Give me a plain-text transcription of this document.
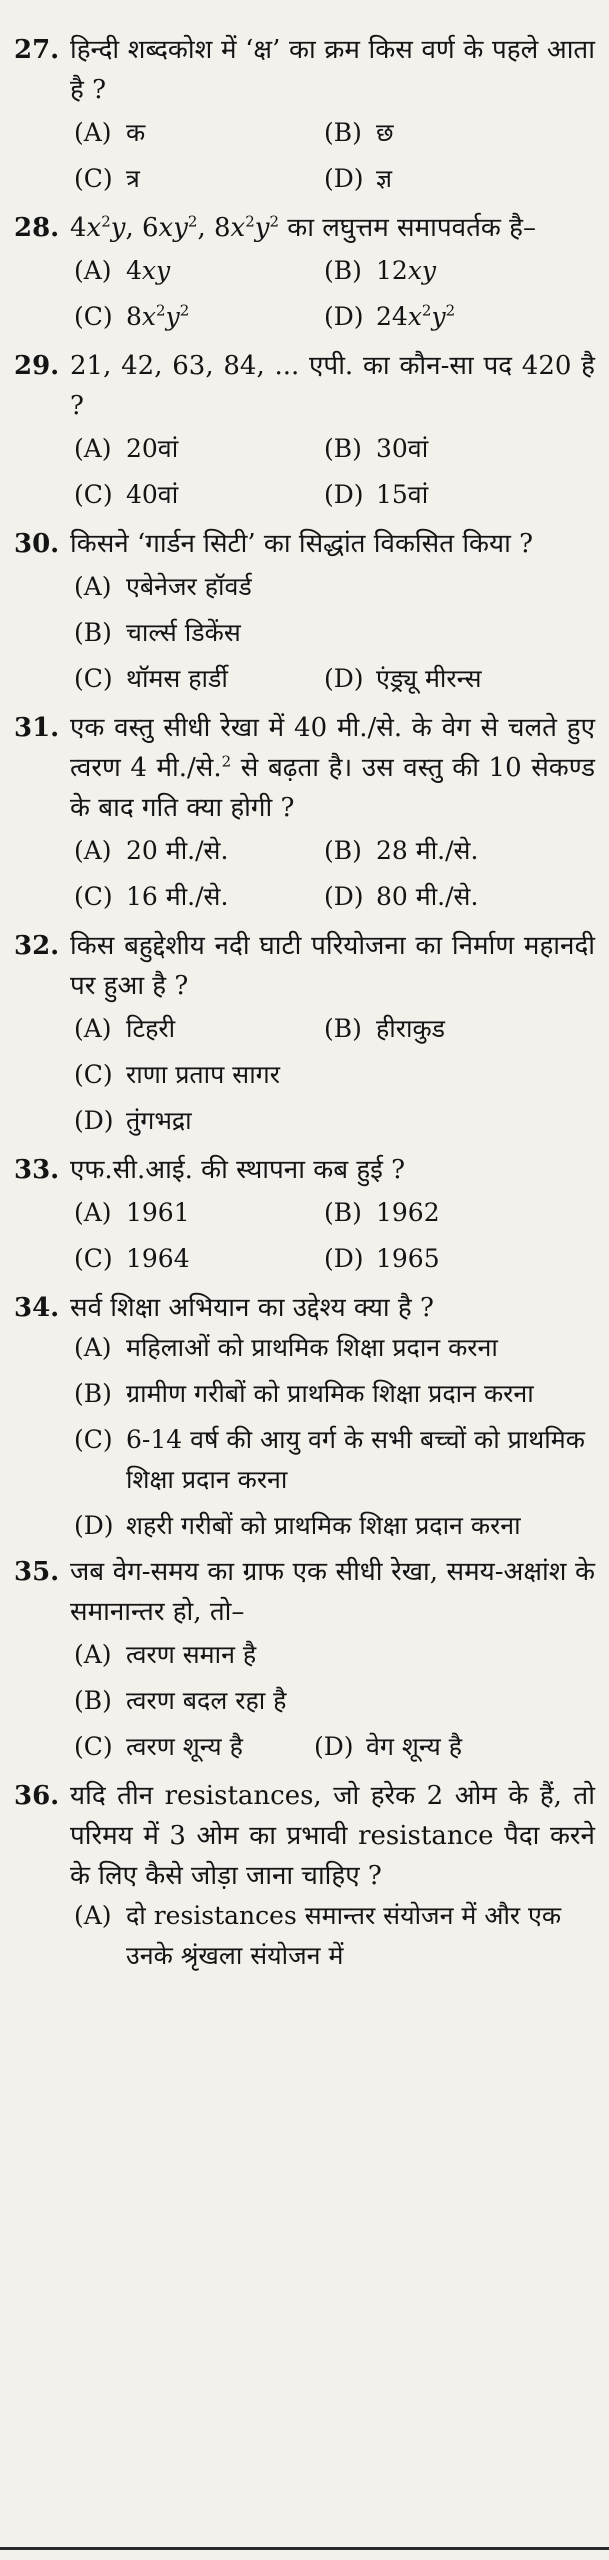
27. हिन्दी शब्दकोश में ‘क्ष’ का क्रम किस वर्ण के पहले आता है ?
(A) क	(B) छ
(C) त्र	(D) ज्ञ
28. $4x^2y$, $6xy^2$, $8x^2y^2$ का लघुत्तम समापवर्तक है–
(A) 4xy	(B) 12xy
(C) $8x^2y^2$	(D) $24x^2y^2$
29. 21, 42, 63, 84, ... एपी. का कौन-सा पद 420 है ?
(A) 20वां	(B) 30वां
(C) 40वां	(D) 15वां
30. किसने ‘गार्डन सिटी’ का सिद्धांत विकसित किया ?
(A) एबेनेजर हॉवर्ड
(B) चार्ल्स डिकेंस
(C) थॉमस हार्डी	(D) एंड्र्यू मीरन्स
31. एक वस्तु सीधी रेखा में 40 मी./से. के वेग से चलते हुए त्वरण 4 मी./से.$^2$ से बढ़ता है। उस वस्तु की 10 सेकण्ड के बाद गति क्या होगी ?
(A) 20 मी./से.	(B) 28 मी./से.
(C) 16 मी./से.	(D) 80 मी./से.
32. किस बहुद्देशीय नदी घाटी परियोजना का निर्माण महानदी पर हुआ है ?
(A) टिहरी	(B) हीराकुड
(C) राणा प्रताप सागर
(D) तुंगभद्रा
33. एफ.सी.आई. की स्थापना कब हुई ?
(A) 1961	(B) 1962
(C) 1964	(D) 1965
34. सर्व शिक्षा अभियान का उद्देश्य क्या है ?
(A) महिलाओं को प्राथमिक शिक्षा प्रदान करना
(B) ग्रामीण गरीबों को प्राथमिक शिक्षा प्रदान करना
(C) 6-14 वर्ष की आयु वर्ग के सभी बच्चों को प्राथमिक शिक्षा प्रदान करना
(D) शहरी गरीबों को प्राथमिक शिक्षा प्रदान करना
35. जब वेग-समय का ग्राफ एक सीधी रेखा, समय-अक्षांश के समानान्तर हो, तो–
(A) त्वरण समान है
(B) त्वरण बदल रहा है
(C) त्वरण शून्य है	(D) वेग शून्य है
36. यदि तीन resistances, जो हरेक 2 ओम के हैं, तो परिमय में 3 ओम का प्रभावी resistance पैदा करने के लिए कैसे जोड़ा जाना चाहिए ?
(A) दो resistances समान्तर संयोजन में और एक उनके श्रृंखला संयोजन में
